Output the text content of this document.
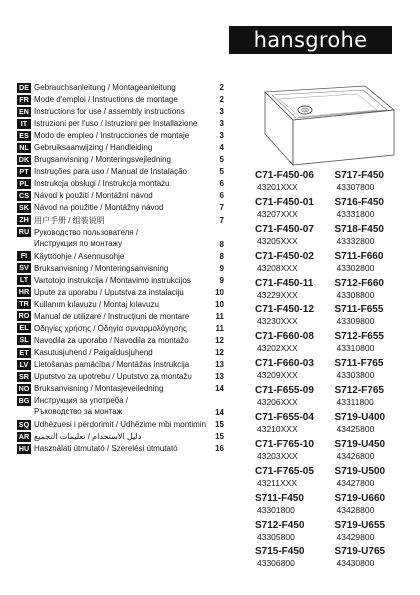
hansgrohe
DE Gebrauchsanleitung / Montageanleitung	2
FR Mode d'emploi / Instructions de montage	2
EN Instructions for use / assembly instructions	3
IT Istruzioni per l'uso / Istruzioni per Installazione	3
ES Modo de empleo / Instrucciones de montaje	3
NL Gebruiksaanwijzing / Handleiding	4
DK Brugsanvisning / Monteringsvejledning	5
PT Instruções para uso / Manual de Instalação	5
PL Instrukcja obsługi / Instrukcja montażu	6
CS Návod k použití / Montážní návod	6
SK Návod na použitie / Montážny návod	7
ZH 用户手册 / 组装说明	7
RU Руководство пользователя /
Инструкция по монтажу	8
FI Käyttöohje / Asennusohje	8
SV Bruksanvisning / Monteringsanvisning	9
LT Vartotojo instrukcija / Montavimo instrukcijos	9
HR Upute za uporabu / Uputstva za instalaciju	10
TR Kullanım kılavuzu / Montaj kılavuzu	10
RO Manual de utilizare / Instrucțiuni de montare	11
EL Οδηγίες χρήσης / Οδηγία συναρμολόγησης	11
SL Navodila za uporabo / Navodila za montažo	12
ET Kasutusjuhend / Paigaldusjuhend	12
LV Lietošanas pamācība / Montāžas instrukcija	13
SR Uputstvo za upotrebu / Uputstvo za montažu	13
NO Bruksanvisning / Montasjeveiledning	14
BG Инструкция за употреба /
Ръководство за монтаж	14
SQ Udhëzuesi i përdorimit / Udhëzime mbi montimin	15
AR دليل الاستخدام / تعليمات التجميع	15
HU Használati útmutató / Szerelési útmutató	16
C71-F450-06
43201XXX
C71-F450-01
43207XXX
C71-F450-07
43205XXX
C71-F450-02
43208XXX
C71-F450-11
43229XXX
C71-F450-12
43230XXX
C71-F660-08
43202XXX
C71-F660-03
43209XXX
C71-F655-09
43206XXX
C71-F655-04
43210XXX
C71-F765-10
43203XXX
C71-F765-05
43211XXX
S711-F450
43301800
S712-F450
43305800
S715-F450
43306800
S717-F450
43307800
S716-F450
43331800
S718-F450
43332800
S711-F660
43302800
S712-F660
43308800
S711-F655
43309800
S712-F655
43310800
S711-F765
43303800
S712-F765
43311800
S719-U400
43425800
S719-U450
43426800
S719-U500
43427800
S719-U660
43428800
S719-U655
43429800
S719-U765
43430800
